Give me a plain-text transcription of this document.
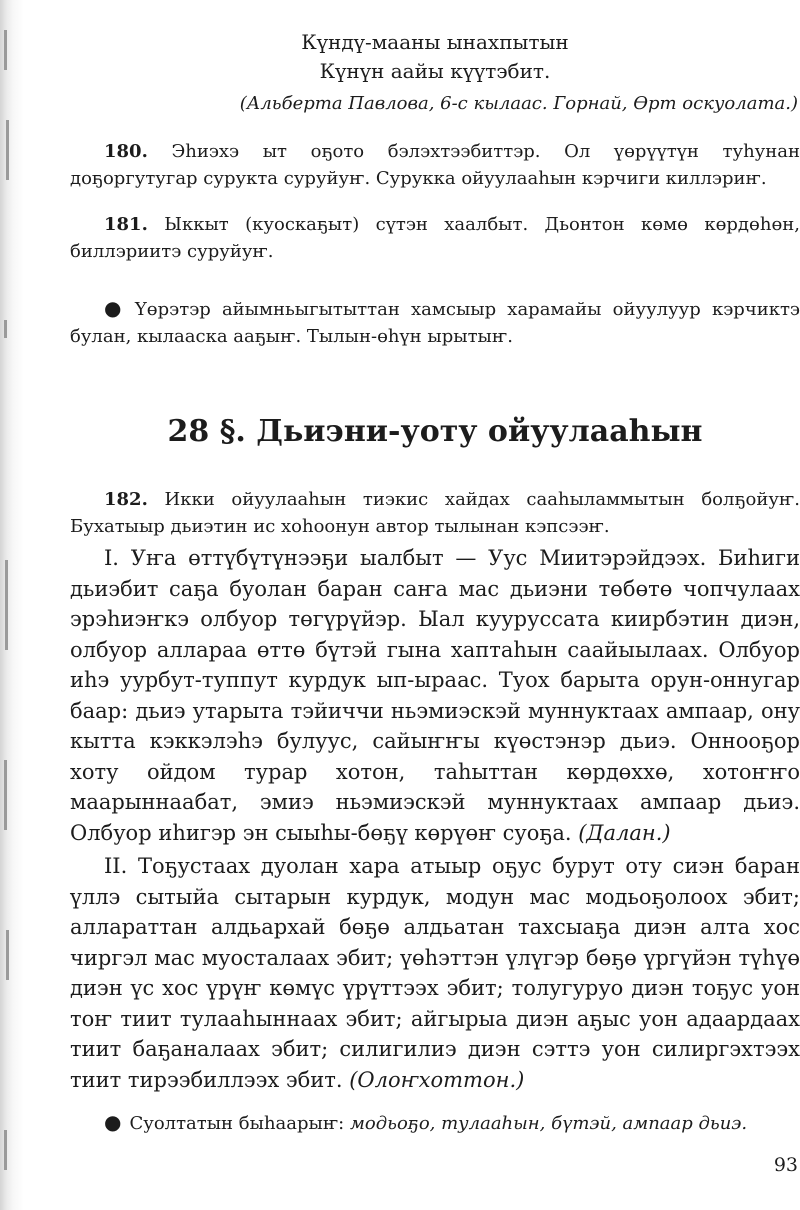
Күндү-мааны ынахпытын
Күнүн аайы күүтэбит.
(Альберта Павлова, 6-с кылаас. Горнай, Өрт оскуолата.)

180. Эһиэхэ ыт оҕото бэлэхтээбиттэр. Ол үөрүүтүн туһунан доҕоргутугар сурукта суруйуҥ. Сурукка ойуулааһын кэрчиги киллэриҥ.

181. Ыккыт (куоскаҕыт) сүтэн хаалбыт. Дьонтон көмө көрдөһөн, биллэриитэ суруйуҥ.

● Үөрэтэр айымньыгытыттан хамсыыр харамайы ойуулуур кэрчиктэ булан, кылааска ааҕыҥ. Тылын-өһүн ырытыҥ.

28 §. Дьиэни-уоту ойуулааһын

182. Икки ойуулааһын тиэкис хайдах сааһыламмытын болҕойуҥ. Бухатыыр дьиэтин ис хоһоонун автор тылынан кэпсээҥ.

I. Уҥа өттүбүтүнээҕи ыалбыт — Уус Миитэрэйдээх. Биһиги дьиэбит саҕа буолан баран саҥа мас дьиэни төбөтө чопчулаах эрэһиэҥкэ олбуор төгүрүйэр. Ыал кууруссата киирбэтин диэн, олбуор аллараа өттө бүтэй гына хаптаһын саайыылаах. Олбуор иһэ уурбут-туппут курдук ып-ыраас. Туох барыта орун-оннугар баар: дьиэ утарыта тэйиччи ньэмиэскэй муннуктаах ампаар, ону кытта кэккэлэһэ булуус, сайыҥҥы күөстэнэр дьиэ. Оннооҕор хоту ойдом турар хотон, таһыттан көрдөххө, хотоҥҥо маарыннаабат, эмиэ ньэмиэскэй муннуктаах ампаар дьиэ. Олбуор иһигэр эн сыыһы-бөҕү көрүөҥ суоҕа. (Далан.)

II. Тоҕустаах дуолан хара атыыр оҕус бурут оту сиэн баран үллэ сытыйа сытарын курдук, модун мас модьоҕолоох эбит; аллараттан алдьархай бөҕө алдьатан тахсыаҕа диэн алта хос чиргэл мас муосталаах эбит; үөһэттэн үлүгэр бөҕө үргүйэн түһүө диэн үс хос үрүҥ көмүс үрүттээх эбит; толугуруо диэн тоҕус уон тоҥ тиит тулааһыннаах эбит; айгырыа диэн аҕыс уон адаардаах тиит баҕаналаах эбит; силигилиэ диэн сэттэ уон силиргэхтээх тиит тирээбиллээх эбит. (Олоҥхоттон.)

● Суолтатын быһаарыҥ: модьоҕо, тулааһын, бүтэй, ампаар дьиэ.

93
